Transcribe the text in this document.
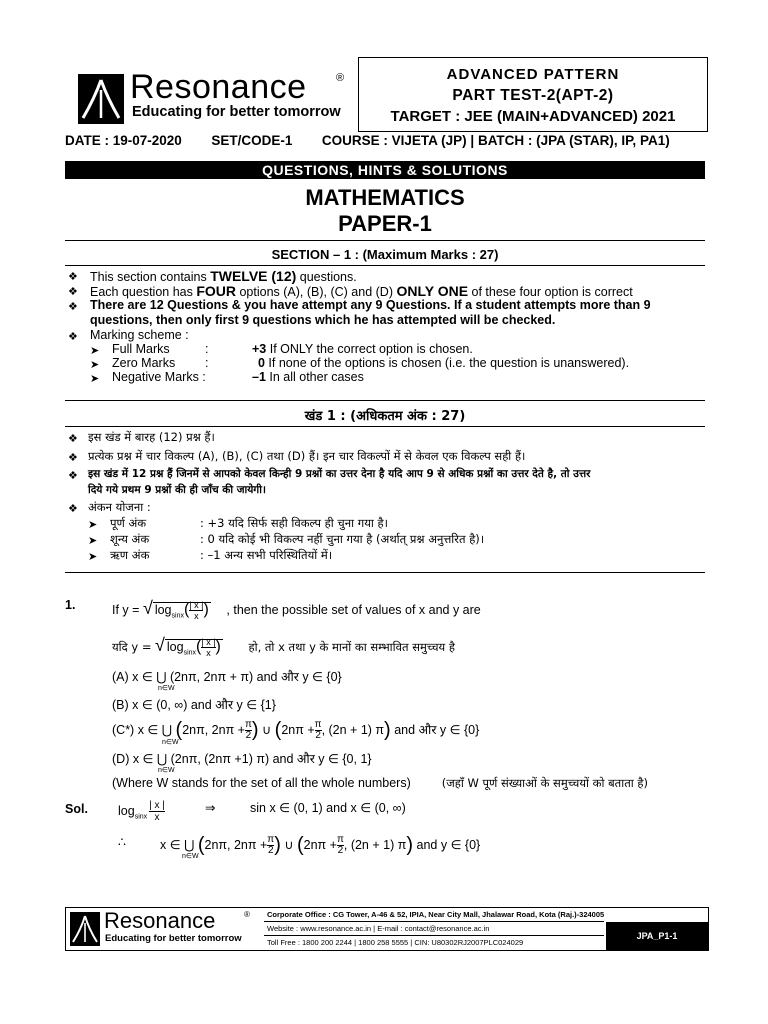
Resonance	®
Educating for better tomorrow
ADVANCED PATTERN
PART TEST-2(APT-2)
TARGET : JEE (MAIN+ADVANCED) 2021
DATE : 19-07-2020 SET/CODE-1 COURSE : VIJETA (JP) | BATCH : (JPA (STAR), IP, PA1)
QUESTIONS, HINTS & SOLUTIONS
MATHEMATICS
PAPER-1
SECTION – 1 : (Maximum Marks : 27)
❖ This section contains TWELVE (12) questions.
❖ Each question has FOUR options (A), (B), (C) and (D) ONLY ONE of these four option is correct
❖ There are 12 Questions & you have attempt any 9 Questions. If a student attempts more than 9
questions, then only first 9 questions which he has attempted will be checked.
❖ Marking scheme :
➤ Full Marks	:	+3 If ONLY the correct option is chosen.
➤ Zero Marks :	0 If none of the options is chosen (i.e. the question is unanswered).
➤ Negative Marks :	–1 In all other cases
खंड 1 : (अधिकतम अंक : 27)
❖ इस खंड में बारह (12) प्रश्न हैं।
❖ प्रत्येक प्रश्न में चार विकल्प (A), (B), (C) तथा (D) हैं। इन चार विकल्पों में से केवल एक विकल्प सही हैं।
❖ इस खंड में 12 प्रश्न हैं जिनमें से आपको केवल किन्ही 9 प्रश्नों का उत्तर देना है यदि आप 9 से अधिक प्रश्नों का उत्तर देते है, तो उत्तर
दिये गये प्रथम 9 प्रश्नों की ही जाँच की जायेगी।
❖ अंकन योजना :
➤ पूर्ण अंक	: +3 यदि सिर्फ सही विकल्प ही चुना गया है।
➤ शून्य अंक	: 0 यदि कोई भी विकल्प नहीं चुना गया है (अर्थात् प्रश्न अनुत्तरित है)।
➤ ऋण अंक	: –1 अन्य सभी परिस्थितियों में।
1.	If y = √ $\log_{sinx}( \frac{| x |}{x}$ ) , then the possible set of values of x and y are
यदि y = √ $\log_{sinx}( \frac{| x |}{x}$ ) हो, तो x तथा y के मानों का सम्भावित समुच्चय है
(A) x ∈ ⋃ (2nπ, 2nπ + π) and और y ∈ {0}
n∈W
(B) x ∈ (0, ∞) and और y ∈ {1}
(C*) x ∈ ⋃ (2nπ, $2n\pi + \frac{\pi}{2}$ ) ∪ ($2n\pi + \frac{\pi}{2}$ , (2n + 1) π) and और y ∈ {0}
n∈W
(D) x ∈ ⋃ (2nπ, (2nπ +1) π) and और y ∈ {0, 1}
n∈W
(Where W stands for the set of all the whole numbers)	(जहाँ W पूर्ण संख्याओं के समुच्चयों को बताता है)
Sol. $\log_{sinx} \frac{| x |}{x}$	⇒	sin x ∈ (0, 1) and x ∈ (0, ∞)
∴	x ∈ ⋃ (2nπ, $2n\pi + \frac{\pi}{2}$ ) ∪ ($2n\pi + \frac{\pi}{2}$ , (2n + 1) π) and y ∈ {0}
n∈W
Resonance	®
Educating for better tomorrow
Corporate Office : CG Tower, A-46 & 52, IPIA, Near City Mall, Jhalawar Road, Kota (Raj.)-324005
Website : www.resonance.ac.in | E-mail : contact@resonance.ac.in
Toll Free : 1800 200 2244 | 1800 258 5555 | CIN: U80302RJ2007PLC024029
JPA_P1-1
